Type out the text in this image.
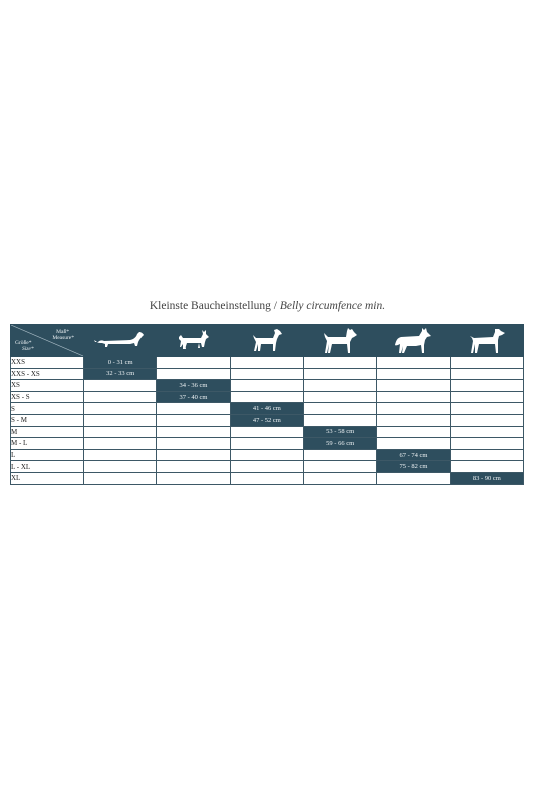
Kleinste Baucheinstellung / Belly circumfence min.
Maß*
Measure*
Größe*
Size*

XXS	0 - 31 cm					
XXS - XS	32 - 33 cm					
XS		34 - 36 cm				
XS - S		37 - 40 cm				
S			41 - 46 cm			
S - M			47 - 52 cm			
M				53 - 58 cm		
M - L				59 - 66 cm		
L					67 - 74 cm	
L - XL					75 - 82 cm	
XL						83 - 90 cm
